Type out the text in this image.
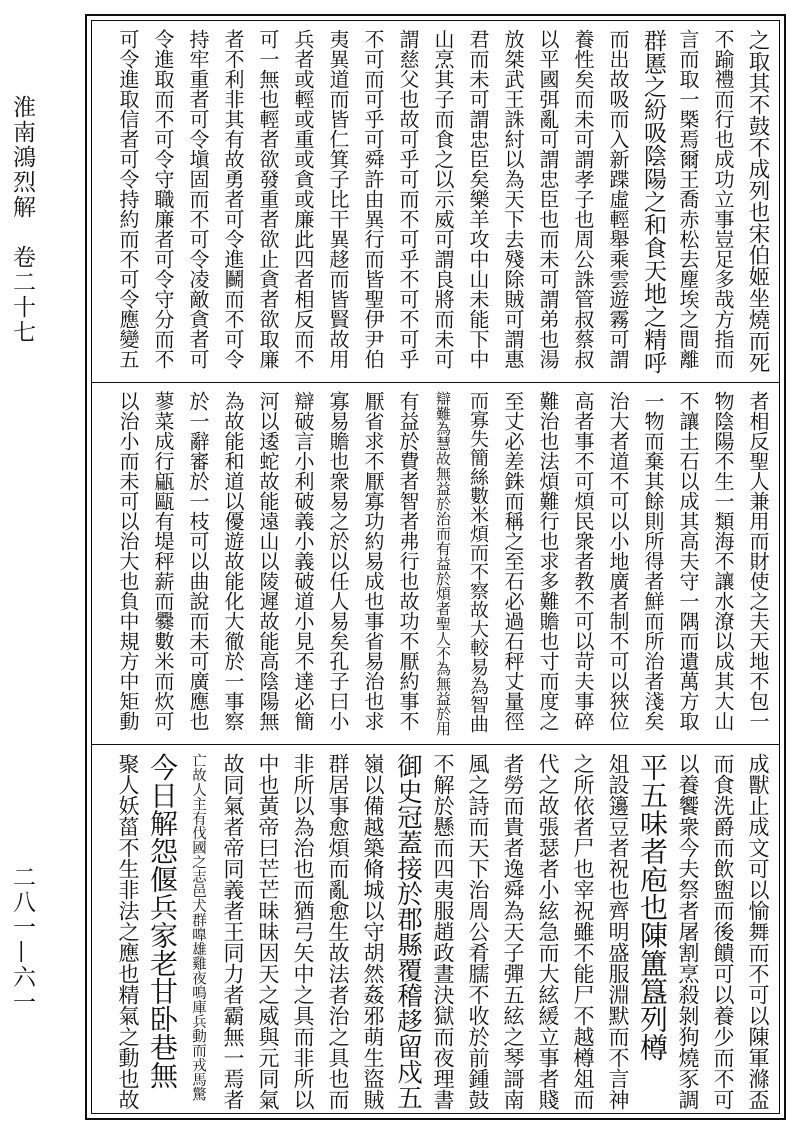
淮南鴻烈解　卷二十七
二八一—六一
之取其不鼓不成列也宋伯姬坐燒而死
不踰禮而行也成功立事豈足多哉方指而
言而取一槩焉爾王喬赤松去塵埃之間離
群慝之紛吸陰陽之和食天地之精呼
而出故吸而入新蹀虛輕舉乘雲遊霧可謂
養性矣而未可謂孝子也周公誅管叔蔡叔
以平國弭亂可謂忠臣也而未可謂弟也湯
放桀武王誅紂以為天下去殘除賊可謂惠
君而未可謂忠臣矣樂羊攻中山未能下中
山烹其子而食之以示威可謂良將而未可
謂慈父也故可乎可而不可乎不可不可乎
不可而可乎可舜許由異行而皆聖伊尹伯
夷異道而皆仁箕子比干異趍而皆賢故用
兵者或輕或重或貪或廉此四者相反而不
可一無也輕者欲發重者欲止貪者欲取廉
者不利非其有故勇者可令進鬭而不可令
持牢重者可令塡固而不可令凌敵貪者可
令進取而不可令守職廉者可令守分而不
可令進取信者可令持約而不可令應變五
者相反聖人兼用而財使之夫天地不包一
物陰陽不生一類海不讓水潦以成其大山
不讓土石以成其高夫守一隅而遺萬方取
一物而棄其餘則所得者鮮而所治者淺矣
治大者道不可以小地廣者制不可以狹位
高者事不可煩民衆者教不可以苛夫事碎
難治也法煩難行也求多難贍也寸而度之
至丈必差銖而稱之至石必過石秤丈量徑
而寡失簡絲數米煩而不察故大較易為智曲
辯難為慧故無益於治而有益於煩者聖人不為無益於用
有益於費者智者弗行也故功不厭約事不
厭省求不厭寡功約易成也事省易治也求
寡易贍也衆易之於以任人易矣孔子曰小
辯破言小利破義小義破道小見不達必簡
河以逶蛇故能遠山以陵遲故能高陰陽無
為故能和道以優遊故能化大徹於一事察
於一辭審於一枝可以曲說而未可廣應也
蓼菜成行甂甌有堤秤薪而爨數米而炊可
以治小而未可以治大也負中規方中矩動
成獸止成文可以愉舞而不可以陳軍滌盃
而食洗爵而飲盥而後饋可以養少而不可
以養饗衆今夫祭者屠割烹殺剝狗燒豕調
平五味者庖也陳簠簋列樽
俎設籩豆者祝也齊明盛服淵默而不言神
之所依者尸也宰祝雖不能尸不越樽俎而
代之故張瑟者小絃急而大絃緩立事者賤
者勞而貴者逸舜為天子彈五絃之琴謌南
風之詩而天下治周公肴臑不收於前鍾鼓
不解於懸而四夷服趙政晝決獄而夜理書
御史冠蓋接於郡縣覆稽趍留戍五
嶺以備越築脩城以守胡然姦邪萌生盜賊
群居事愈煩而亂愈生故法者治之具也而
非所以為治也而猶弓矢中之具而非所以
中也黃帝曰芒芒昧昧因天之威與元同氣
故同氣者帝同義者王同力者霸無一焉者
亡故人主有伐國之志邑犬群嘷雄雞夜鳴庫兵動而戎馬驚
今日解怨偃兵家老甘卧巷無
聚人妖菑不生非法之應也精氣之動也故
